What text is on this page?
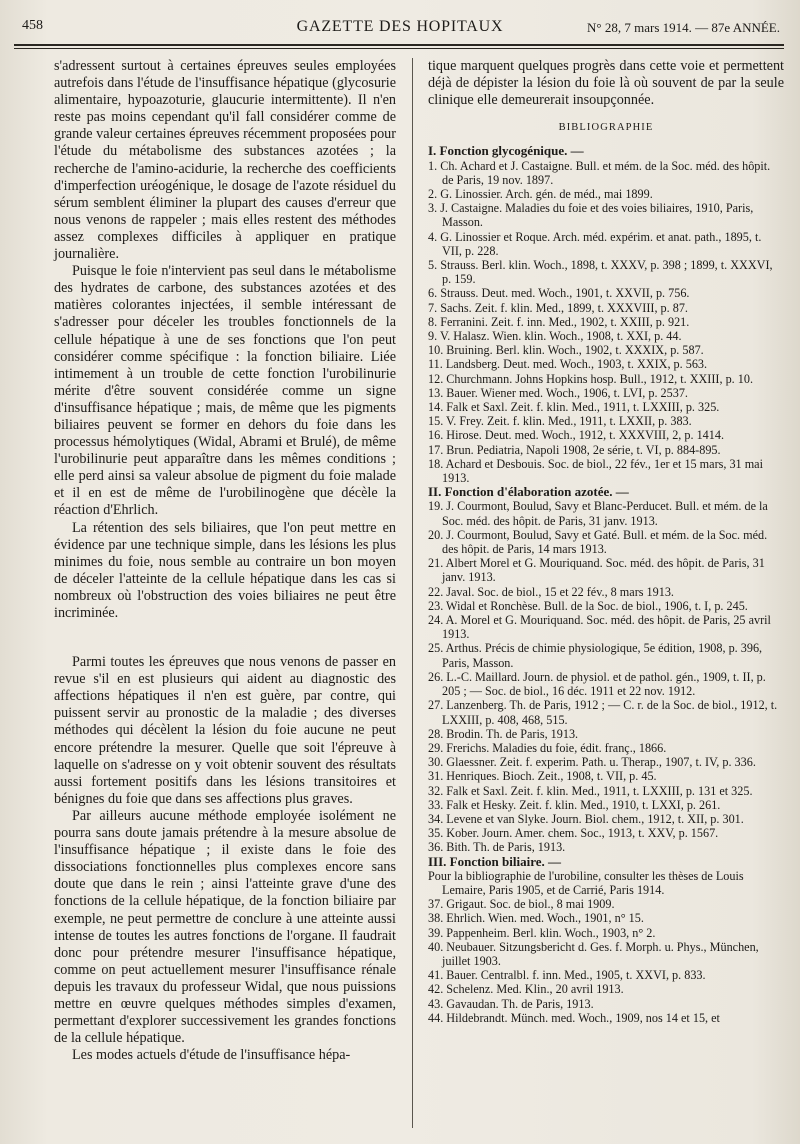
458	GAZETTE DES HOPITAUX	N° 28, 7 mars 1914. — 87e ANNÉE.

s'adressent surtout à certaines épreuves seules employées autrefois dans l'étude de l'insuffisance hépatique (glycosurie alimentaire, hypoazoturie, glaucurie intermittente). Il n'en reste pas moins cependant qu'il fall considérer comme de grande valeur certaines épreuves récemment proposées pour l'étude du métabolisme des substances azotées ; la recherche de l'amino-acidurie, la recherche des coefficients d'imperfection uréogénique, le dosage de l'azote résiduel du sérum semblent éliminer la plupart des causes d'erreur que nous venons de rappeler ; mais elles restent des méthodes assez complexes difficiles à appliquer en pratique journalière.

Puisque le foie n'intervient pas seul dans le métabolisme des hydrates de carbone, des substances azotées et des matières colorantes injectées, il semble intéressant de s'adresser pour déceler les troubles fonctionnels de la cellule hépatique à une de ses fonctions que l'on peut considérer comme spécifique : la fonction biliaire. Liée intimement à un trouble de cette fonction l'urobilinurie mérite d'être souvent considérée comme un signe d'insuffisance hépatique ; mais, de même que les pigments biliaires peuvent se former en dehors du foie dans les processus hémolytiques (Widal, Abrami et Brulé), de même l'urobilinurie peut apparaître dans les mêmes conditions ; elle perd ainsi sa valeur absolue de pigment du foie malade et il en est de même de l'urobilinogène que décèle la réaction d'Ehrlich.

La rétention des sels biliaires, que l'on peut mettre en évidence par une technique simple, dans les lésions les plus minimes du foie, nous semble au contraire un bon moyen de déceler l'atteinte de la cellule hépatique dans les cas si nombreux où l'obstruction des voies biliaires ne peut être incriminée.

Parmi toutes les épreuves que nous venons de passer en revue s'il en est plusieurs qui aident au diagnostic des affections hépatiques il n'en est guère, par contre, qui puissent servir au pronostic de la maladie ; des diverses méthodes qui décèlent la lésion du foie aucune ne peut encore prétendre la mesurer. Quelle que soit l'épreuve à laquelle on s'adresse on y voit obtenir souvent des résultats aussi fortement positifs dans les lésions transitoires et bénignes du foie que dans ses affections plus graves.

Par ailleurs aucune méthode employée isolément ne pourra sans doute jamais prétendre à la mesure absolue de l'insuffisance hépatique ; il existe dans le foie des dissociations fonctionnelles plus complexes encore sans doute que dans le rein ; ainsi l'atteinte grave d'une des fonctions de la cellule hépatique, de la fonction biliaire par exemple, ne peut permettre de conclure à une atteinte aussi intense de toutes les autres fonctions de l'organe. Il faudrait donc pour prétendre mesurer l'insuffisance hépatique, comme on peut actuellement mesurer l'insuffisance rénale depuis les travaux du professeur Widal, que nous puissions mettre en œuvre quelques méthodes simples d'examen, permettant d'explorer successivement les grandes fonctions de la cellule hépatique.

Les modes actuels d'étude de l'insuffisance hépa-

tique marquent quelques progrès dans cette voie et permettent déjà de dépister la lésion du foie là où souvent de par la seule clinique elle demeurerait insoupçonnée.

BIBLIOGRAPHIE

I. Fonction glycogénique. —

1. Ch. Achard et J. Castaigne. Bull. et mém. de la Soc. méd. des hôpit. de Paris, 19 nov. 1897.

2. G. Linossier. Arch. gén. de méd., mai 1899.

3. J. Castaigne. Maladies du foie et des voies biliaires, 1910, Paris, Masson.

4. G. Linossier et Roque. Arch. méd. expérim. et anat. path., 1895, t. VII, p. 228.

5. Strauss. Berl. klin. Woch., 1898, t. XXXV, p. 398 ; 1899, t. XXXVI, p. 159.

6. Strauss. Deut. med. Woch., 1901, t. XXVII, p. 756.

7. Sachs. Zeit. f. klin. Med., 1899, t. XXXVIII, p. 87.

8. Ferranini. Zeit. f. inn. Med., 1902, t. XXIII, p. 921.

9. V. Halasz. Wien. klin. Woch., 1908, t. XXI, p. 44.

10. Bruining. Berl. klin. Woch., 1902, t. XXXIX, p. 587.

11. Landsberg. Deut. med. Woch., 1903, t. XXIX, p. 563.

12. Churchmann. Johns Hopkins hosp. Bull., 1912, t. XXIII, p. 10.

13. Bauer. Wiener med. Woch., 1906, t. LVI, p. 2537.

14. Falk et Saxl. Zeit. f. klin. Med., 1911, t. LXXIII, p. 325.

15. V. Frey. Zeit. f. klin. Med., 1911, t. LXXII, p. 383.

16. Hirose. Deut. med. Woch., 1912, t. XXXVIII, 2, p. 1414.

17. Brun. Pediatria, Napoli 1908, 2e série, t. VI, p. 884-895.

18. Achard et Desbouis. Soc. de biol., 22 fév., 1er et 15 mars, 31 mai 1913.

II. Fonction d'élaboration azotée. —

19. J. Courmont, Boulud, Savy et Blanc-Perducet. Bull. et mém. de la Soc. méd. des hôpit. de Paris, 31 janv. 1913.

20. J. Courmont, Boulud, Savy et Gaté. Bull. et mém. de la Soc. méd. des hôpit. de Paris, 14 mars 1913.

21. Albert Morel et G. Mouriquand. Soc. méd. des hôpit. de Paris, 31 janv. 1913.

22. Javal. Soc. de biol., 15 et 22 fév., 8 mars 1913.

23. Widal et Ronchèse. Bull. de la Soc. de biol., 1906, t. I, p. 245.

24. A. Morel et G. Mouriquand. Soc. méd. des hôpit. de Paris, 25 avril 1913.

25. Arthus. Précis de chimie physiologique, 5e édition, 1908, p. 396, Paris, Masson.

26. L.-C. Maillard. Journ. de physiol. et de pathol. gén., 1909, t. II, p. 205 ; — Soc. de biol., 16 déc. 1911 et 22 nov. 1912.

27. Lanzenberg. Th. de Paris, 1912 ; — C. r. de la Soc. de biol., 1912, t. LXXIII, p. 408, 468, 515.

28. Brodin. Th. de Paris, 1913.

29. Frerichs. Maladies du foie, édit. franç., 1866.

30. Glaessner. Zeit. f. experim. Path. u. Therap., 1907, t. IV, p. 336.

31. Henriques. Bioch. Zeit., 1908, t. VII, p. 45.

32. Falk et Saxl. Zeit. f. klin. Med., 1911, t. LXXIII, p. 131 et 325.

33. Falk et Hesky. Zeit. f. klin. Med., 1910, t. LXXI, p. 261.

34. Levene et van Slyke. Journ. Biol. chem., 1912, t. XII, p. 301.

35. Kober. Journ. Amer. chem. Soc., 1913, t. XXV, p. 1567.

36. Bith. Th. de Paris, 1913.

III. Fonction biliaire. —

Pour la bibliographie de l'urobiline, consulter les thèses de Louis Lemaire, Paris 1905, et de Carrié, Paris 1914.

37. Grigaut. Soc. de biol., 8 mai 1909.

38. Ehrlich. Wien. med. Woch., 1901, n° 15.

39. Pappenheim. Berl. klin. Woch., 1903, n° 2.

40. Neubauer. Sitzungsbericht d. Ges. f. Morph. u. Phys., München, juillet 1903.

41. Bauer. Centralbl. f. inn. Med., 1905, t. XXVI, p. 833.

42. Schelenz. Med. Klin., 20 avril 1913.

43. Gavaudan. Th. de Paris, 1913.

44. Hildebrandt. Münch. med. Woch., 1909, nos 14 et 15, et
